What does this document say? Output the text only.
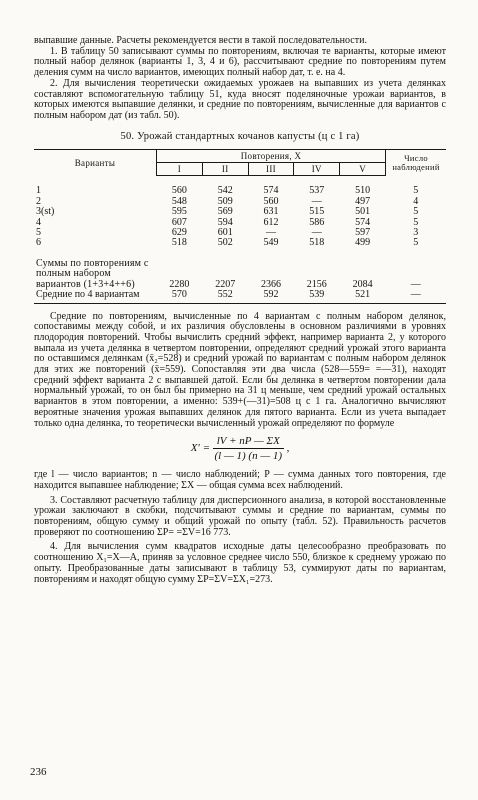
выпавшие данные. Расчеты рекомендуется вести в такой последовательности.

1. В таблицу 50 записывают суммы по повторениям, включая те варианты, которые имеют полный набор делянок (варианты 1, 3, 4 и 6), рассчитывают средние по повторениям путем деления сумм на число вариантов, имеющих полный набор дат, т. е. на 4.

2. Для вычисления теоретически ожидаемых урожаев на выпавших из учета делянках составляют вспомогательную таблицу 51, куда вносят поделяночные урожаи вариантов, в которых имеются выпавшие делянки, и средние по повторениям, вычисленные для вариантов с полным набором дат (из табл. 50).

50. Урожай стандартных кочанов капусты (ц с 1 га)
Варианты	Повторения, X					Число наблюдений
	I	II	III	IV	V	

1	560	542	574	537	510	5
2	548	509	560	—	497	4
3(st)	595	569	631	515	501	5
4	607	594	612	586	574	5
5	629	601	—	—	597	3
6	518	502	549	518	499	5

Суммы по повторениям с полным набором вариантов (1+3+4++6)	2280	2207	2366	2156	2084	—
Средние по 4 вариантам	570	552	592	539	521	—

Средние по повторениям, вычисленные по 4 вариантам с полным набором делянок, сопоставимы между собой, и их различия обусловлены в основном различиями в уровнях плодородия повторений. Чтобы вычислить средний эффект, например варианта 2, у которого выпала из учета делянка в четвертом повторении, определяют средний урожай этого варианта по оставшимся делянкам (x̄₂=528) и средний урожай по вариантам с полным набором делянок для этих же повторений (x̄=559). Сопоставляя эти два числа (528—559= =—31), находят средний эффект варианта 2 с выпавшей датой. Если бы делянка в четвертом повторении дала нормальный урожай, то он был бы примерно на 31 ц меньше, чем средний урожай остальных вариантов в этом повторении, а именно: 539+(—31)=508 ц с 1 га. Аналогично вычисляют вероятные значения урожая выпавших делянок для пятого варианта. Если из учета выпадает только одна делянка, то теоретически вычисленный урожай определяют по формуле

$X' = \frac{lV + nP — \Sigma X}{(l — 1) (n — 1)}$ ,

где l — число вариантов; n — число наблюдений; P — сумма данных того повторения, где находится выпавшее наблюдение; ΣX — общая сумма всех наблюдений.

3. Составляют расчетную таблицу для дисперсионного анализа, в которой восстановленные урожаи заключают в скобки, подсчитывают суммы и средние по вариантам, суммы по повторениям, общую сумму и общий урожай по опыту (табл. 52). Правильность расчетов проверяют по соотношению ΣP= =ΣV=16 773.

4. Для вычисления сумм квадратов исходные даты целесообразно преобразовать по соотношению X₁=X—A, приняв за условное среднее число 550, близкое к среднему урожаю по опыту. Преобразованные даты записывают в таблицу 53, суммируют даты по вариантам, повторениям и находят общую сумму ΣP=ΣV=ΣX₁=273.

236
